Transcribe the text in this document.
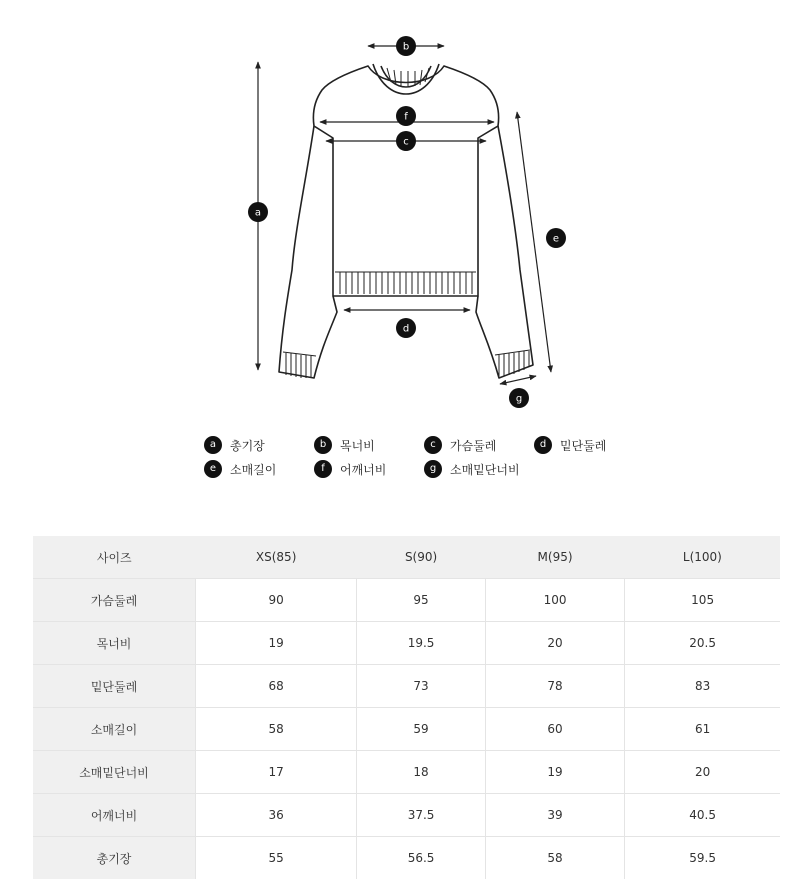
a
b
c
d
e
f
g
a	총기장	b	목너비	c	가슴둘레	d	밑단둘레
e	소매길이	f	어깨너비	g	소매밑단너비
사이즈	XS(85)	S(90)	M(95)	L(100)
가슴둘레	90	95	100	105
목너비	19	19.5	20	20.5
밑단둘레	68	73	78	83
소매길이	58	59	60	61
소매밑단너비	17	18	19	20
어깨너비	36	37.5	39	40.5
총기장	55	56.5	58	59.5
